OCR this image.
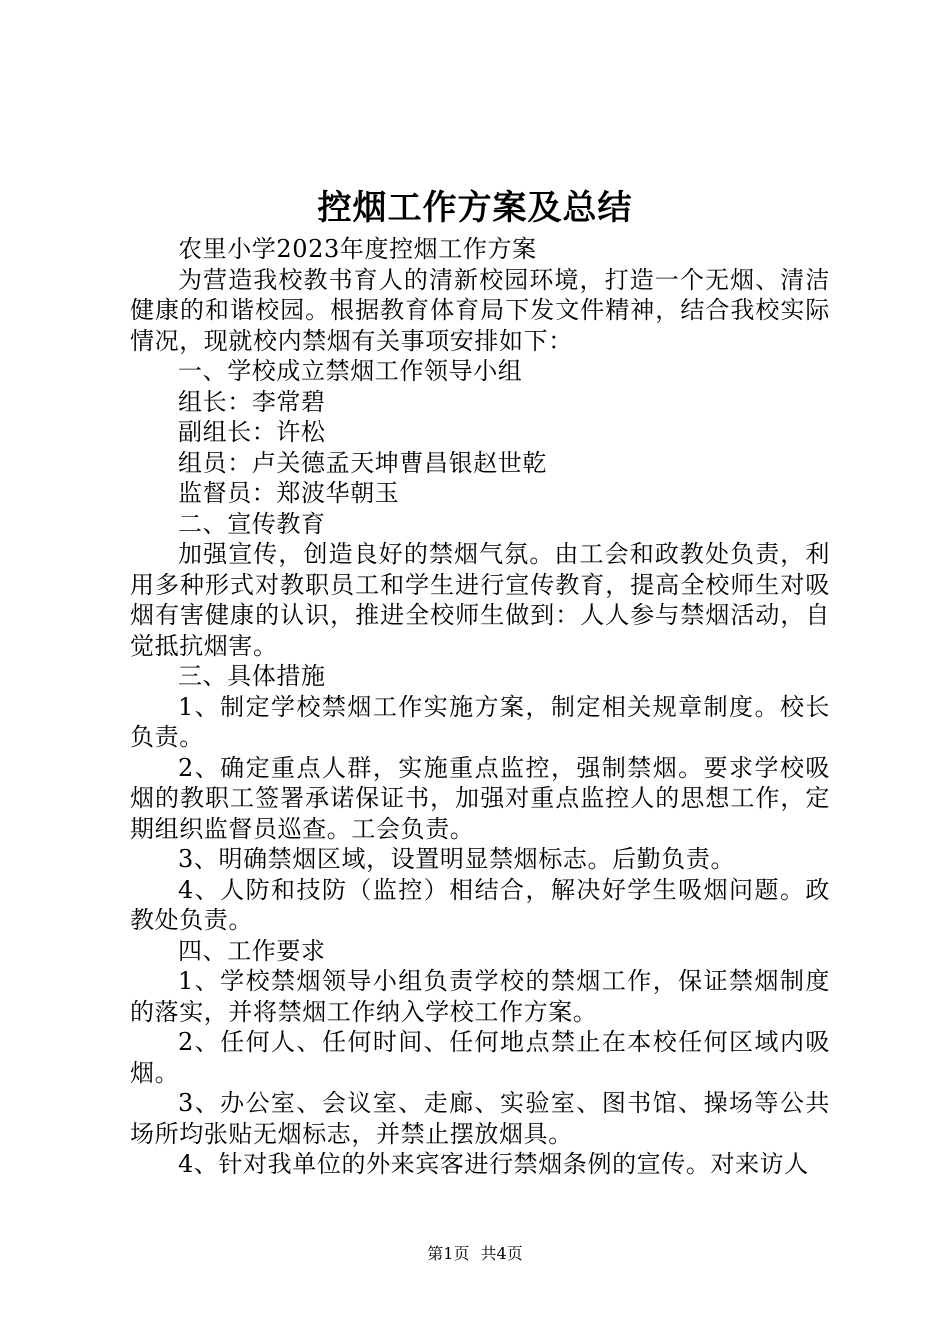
控烟工作方案及总结

农里小学2023年度控烟工作方案

为营造我校教书育人的清新校园环境，打造一个无烟、清洁健康的和谐校园。根据教育体育局下发文件精神，结合我校实际情况，现就校内禁烟有关事项安排如下：

一、学校成立禁烟工作领导小组

组长：李常碧

副组长：许松

组员：卢关德孟天坤曹昌银赵世乾

监督员：郑波华朝玉

二、宣传教育

加强宣传，创造良好的禁烟气氛。由工会和政教处负责，利用多种形式对教职员工和学生进行宣传教育，提高全校师生对吸烟有害健康的认识，推进全校师生做到：人人参与禁烟活动，自觉抵抗烟害。

三、具体措施

1、制定学校禁烟工作实施方案，制定相关规章制度。校长负责。

2、确定重点人群，实施重点监控，强制禁烟。要求学校吸烟的教职工签署承诺保证书，加强对重点监控人的思想工作，定期组织监督员巡查。工会负责。

3、明确禁烟区域，设置明显禁烟标志。后勤负责。

4、人防和技防（监控）相结合，解决好学生吸烟问题。政教处负责。

四、工作要求

1、学校禁烟领导小组负责学校的禁烟工作，保证禁烟制度的落实，并将禁烟工作纳入学校工作方案。

2、任何人、任何时间、任何地点禁止在本校任何区域内吸烟。

3、办公室、会议室、走廊、实验室、图书馆、操场等公共场所均张贴无烟标志，并禁止摆放烟具。

4、针对我单位的外来宾客进行禁烟条例的宣传。对来访人

第1页 共4页
